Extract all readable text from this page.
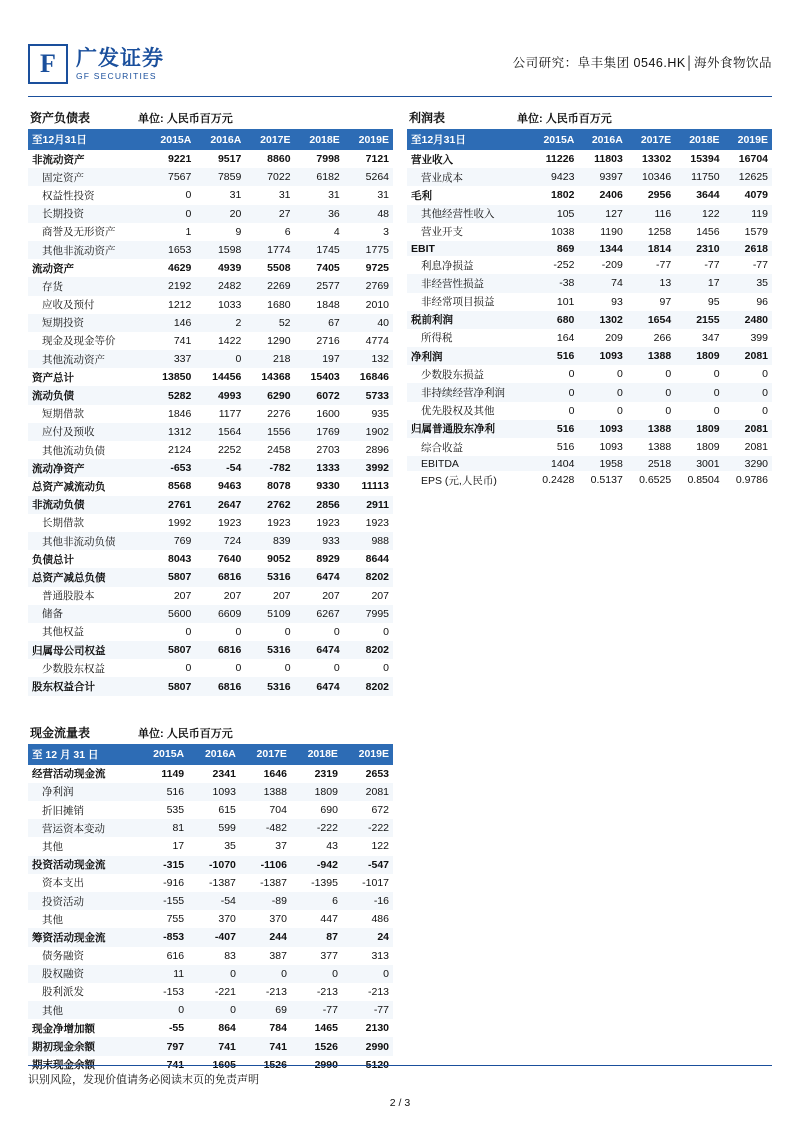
F 广发证券
GF SECURITIES
公司研究：阜丰集团 0546.HK│海外食物饮品
资产负债表	单位: 人民币百万元
至12月31日	2015A	2016A	2017E	2018E	2019E
非流动资产	9221	9517	8860	7998	7121
固定资产	7567	7859	7022	6182	5264
权益性投资	0	31	31	31	31
长期投资	0	20	27	36	48
商誉及无形资产	1	9	6	4	3
其他非流动资产	1653	1598	1774	1745	1775
流动资产	4629	4939	5508	7405	9725
存货	2192	2482	2269	2577	2769
应收及预付	1212	1033	1680	1848	2010
短期投资	146	2	52	67	40
现金及现金等价	741	1422	1290	2716	4774
其他流动资产	337	0	218	197	132
资产总计	13850	14456	14368	15403	16846
流动负债	5282	4993	6290	6072	5733
短期借款	1846	1177	2276	1600	935
应付及预收	1312	1564	1556	1769	1902
其他流动负债	2124	2252	2458	2703	2896
流动净资产	-653	-54	-782	1333	3992
总资产减流动负	8568	9463	8078	9330	11113
非流动负债	2761	2647	2762	2856	2911
长期借款	1992	1923	1923	1923	1923
其他非流动负债	769	724	839	933	988
负债总计	8043	7640	9052	8929	8644
总资产减总负债	5807	6816	5316	6474	8202
普通股股本	207	207	207	207	207
储备	5600	6609	5109	6267	7995
其他权益	0	0	0	0	0
归属母公司权益	5807	6816	5316	6474	8202
少数股东权益	0	0	0	0	0
股东权益合计	5807	6816	5316	6474	8202
现金流量表	单位: 人民币百万元
至 12 月 31 日	2015A	2016A	2017E	2018E	2019E
经营活动现金流	1149	2341	1646	2319	2653
净利润	516	1093	1388	1809	2081
折旧摊销	535	615	704	690	672
营运资本变动	81	599	-482	-222	-222
其他	17	35	37	43	122
投资活动现金流	-315	-1070	-1106	-942	-547
资本支出	-916	-1387	-1387	-1395	-1017
投资活动	-155	-54	-89	6	-16
其他	755	370	370	447	486
筹资活动现金流	-853	-407	244	87	24
债务融资	616	83	387	377	313
股权融资	11	0	0	0	0
股利派发	-153	-221	-213	-213	-213
其他	0	0	69	-77	-77
现金净增加额	-55	864	784	1465	2130
期初现金余额	797	741	741	1526	2990
期末现金余额	741	1605	1526	2990	5120
利润表	单位: 人民币百万元
至12月31日	2015A	2016A	2017E	2018E	2019E
营业收入	11226	11803	13302	15394	16704
营业成本	9423	9397	10346	11750	12625
毛利	1802	2406	2956	3644	4079
其他经营性收入	105	127	116	122	119
营业开支	1038	1190	1258	1456	1579
EBIT	869	1344	1814	2310	2618
利息净损益	-252	-209	-77	-77	-77
非经营性损益	-38	74	13	17	35
非经常项目损益	101	93	97	95	96
税前利润	680	1302	1654	2155	2480
所得税	164	209	266	347	399
净利润	516	1093	1388	1809	2081
少数股东损益	0	0	0	0	0
非持续经营净利润	0	0	0	0	0
优先股权及其他	0	0	0	0	0
归属普通股东净利	516	1093	1388	1809	2081
综合收益	516	1093	1388	1809	2081
EBITDA	1404	1958	2518	3001	3290
EPS (元,人民币)	0.2428	0.5137	0.6525	0.8504	0.9786
识别风险，发现价值请务必阅读末页的免责声明
2 / 3
